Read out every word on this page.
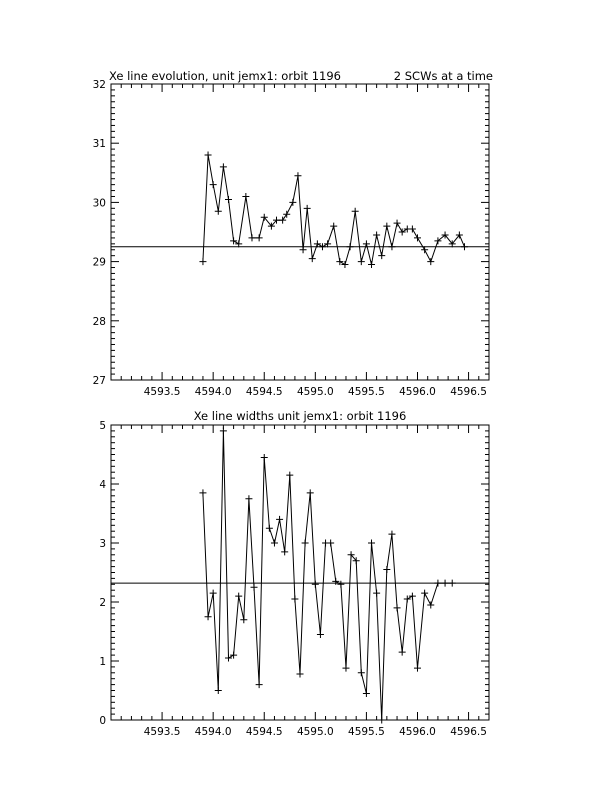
Xe line evolution, unit jemx1: orbit 1196	2 SCWs at a time
27
28
29
30
31
32
4593.5 4594.0 4594.5 4595.0 4595.5 4596.0 4596.5
Xe line widths unit jemx1: orbit 1196
0
1
2
3
4
5
4593.5 4594.0 4594.5 4595.0 4595.5 4596.0 4596.5
